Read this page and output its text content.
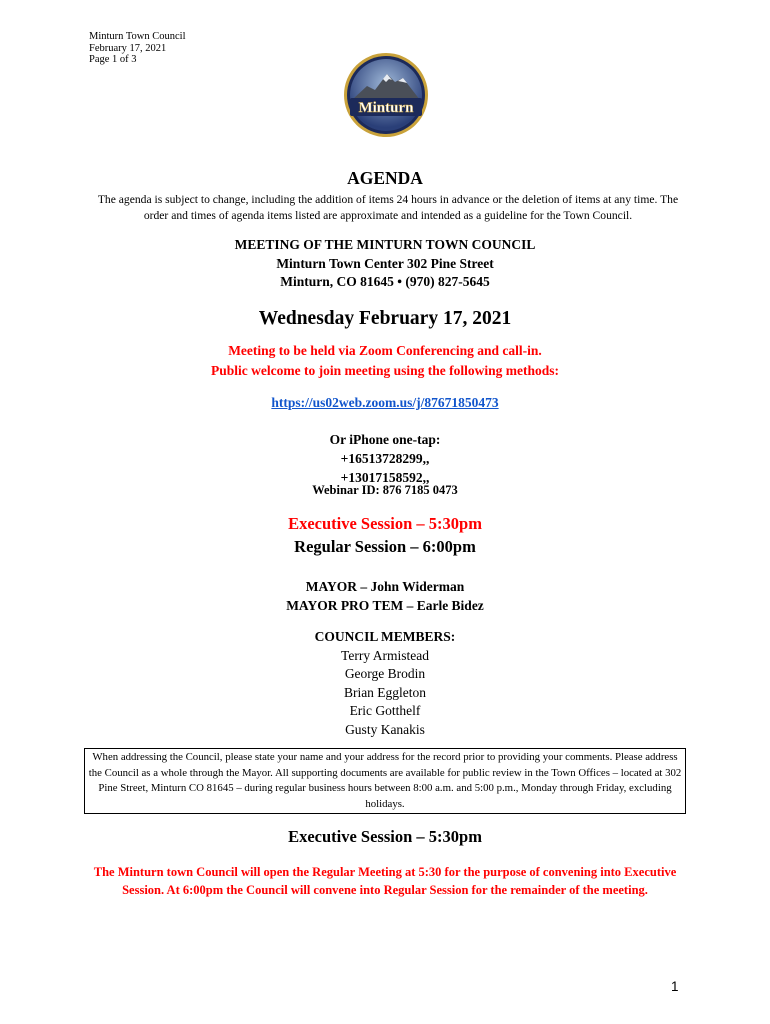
Minturn Town Council
February 17, 2021
Page 1 of 3
Minturn
AGENDA
The agenda is subject to change, including the addition of items 24 hours in advance or the deletion of items at any time. The order and times of agenda items listed are approximate and intended as a guideline for the Town Council.
MEETING OF THE MINTURN TOWN COUNCIL
Minturn Town Center 302 Pine Street
Minturn, CO 81645 • (970) 827-5645
Wednesday February 17, 2021
Meeting to be held via Zoom Conferencing and call-in.
Public welcome to join meeting using the following methods:
https://us02web.zoom.us/j/87671850473
Or iPhone one-tap:
+16513728299,,
+13017158592,,
Webinar ID: 876 7185 0473
Executive Session – 5:30pm
Regular Session – 6:00pm
MAYOR – John Widerman
MAYOR PRO TEM – Earle Bidez
COUNCIL MEMBERS:
Terry Armistead
George Brodin
Brian Eggleton
Eric Gotthelf
Gusty Kanakis
When addressing the Council, please state your name and your address for the record prior to providing your comments. Please address the Council as a whole through the Mayor. All supporting documents are available for public review in the Town Offices – located at 302 Pine Street, Minturn CO 81645 – during regular business hours between 8:00 a.m. and 5:00 p.m., Monday through Friday, excluding holidays.
Executive Session – 5:30pm
The Minturn town Council will open the Regular Meeting at 5:30 for the purpose of convening into Executive Session. At 6:00pm the Council will convene into Regular Session for the remainder of the meeting.
1
